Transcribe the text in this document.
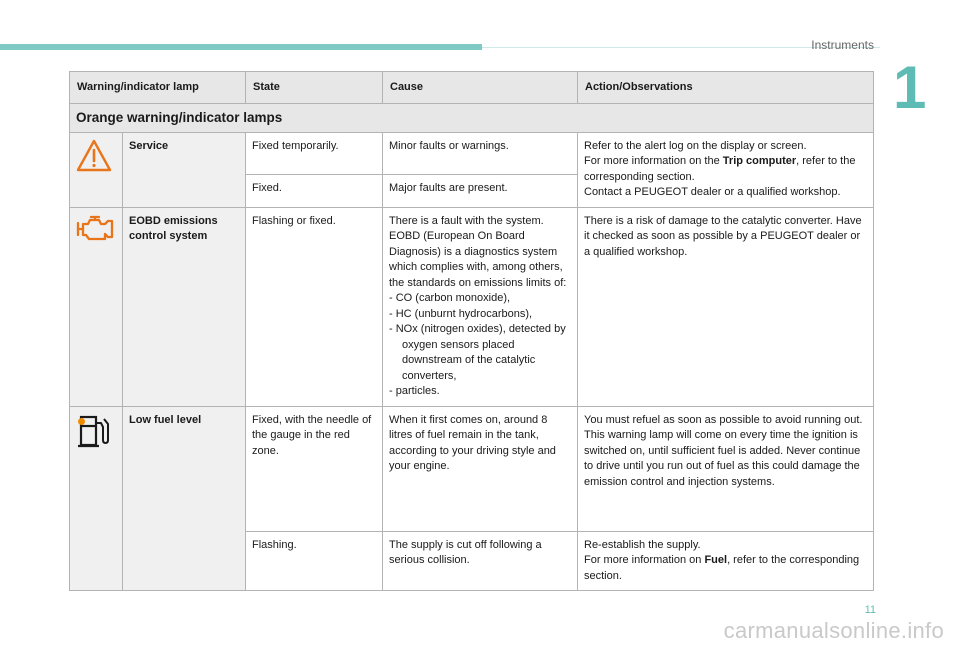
Instruments
1
Warning/indicator lamp		State	Cause	Action/Observations
Orange warning/indicator lamps				
	Service	Fixed temporarily.	Minor faults or warnings.	Refer to the alert log on the display or screen.
For more information on the Trip computer, refer to the corresponding section.
Contact a PEUGEOT dealer or a qualified workshop.
		Fixed.	Major faults are present.	
	EOBD emissions control system	Flashing or fixed.	There is a fault with the system. EOBD (European On Board Diagnosis) is a diagnostics system which complies with, among others, the standards on emissions limits of:
- CO (carbon monoxide),
- HC (unburnt hydrocarbons),
- NOx (nitrogen oxides), detected by oxygen sensors placed downstream of the catalytic converters,
- particles.	There is a risk of damage to the catalytic converter. Have it checked as soon as possible by a PEUGEOT dealer or a qualified workshop.

	Low fuel level	Fixed, with the needle of the gauge in the red zone.	When it first comes on, around 8 litres of fuel remain in the tank, according to your driving style and your engine.	You must refuel as soon as possible to avoid running out. This warning lamp will come on every time the ignition is switched on, until sufficient fuel is added. Never continue to drive until you run out of fuel as this could damage the emission control and injection systems.
		Flashing.	The supply is cut off following a serious collision.	Re-establish the supply.
For more information on Fuel, refer to the corresponding section.
11
carmanualsonline.info
